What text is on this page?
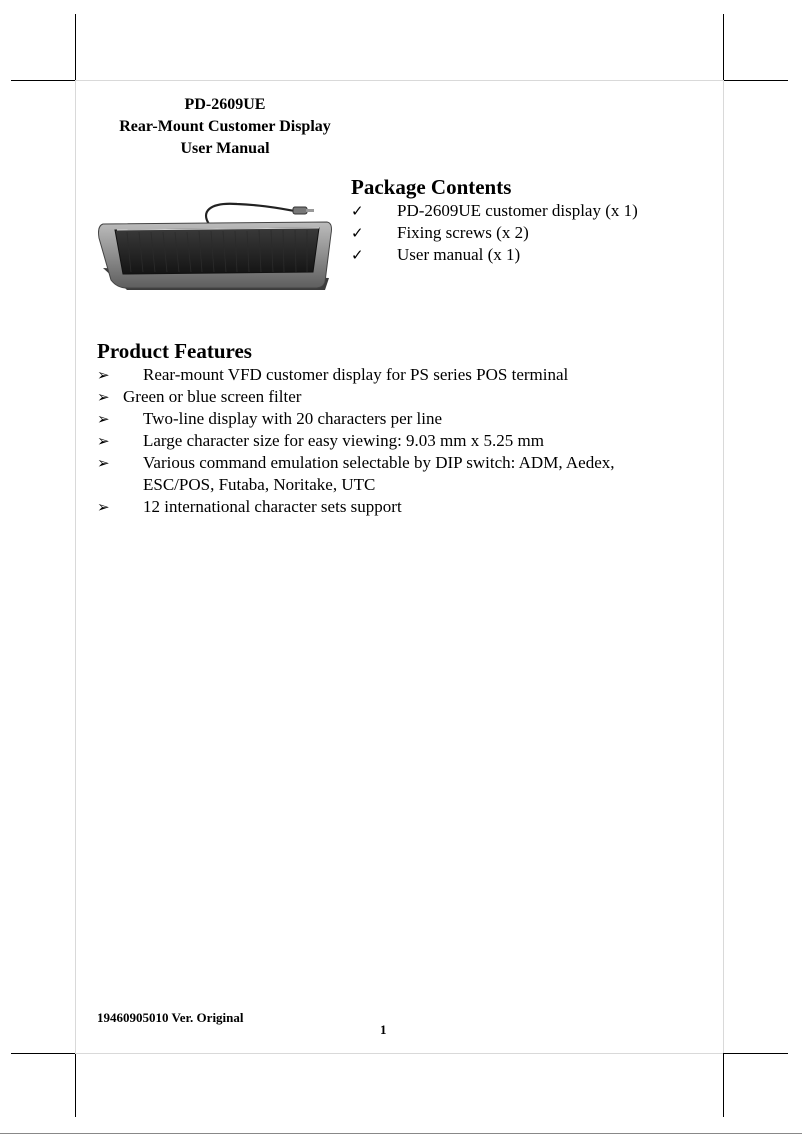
PD-2609UE
Rear-Mount Customer Display
User Manual
Package Contents
✓ PD-2609UE customer display (x 1)
✓ Fixing screws (x 2)
✓ User manual (x 1)
Product Features
➢ Rear-mount VFD customer display for PS series POS terminal
➢ Green or blue screen filter
➢ Two-line display with 20 characters per line
➢ Large character size for easy viewing: 9.03 mm x 5.25 mm
➢ Various command emulation selectable by DIP switch: ADM, Aedex, ESC/POS, Futaba, Noritake, UTC
➢ 12 international character sets support
19460905010 Ver. Original
1
